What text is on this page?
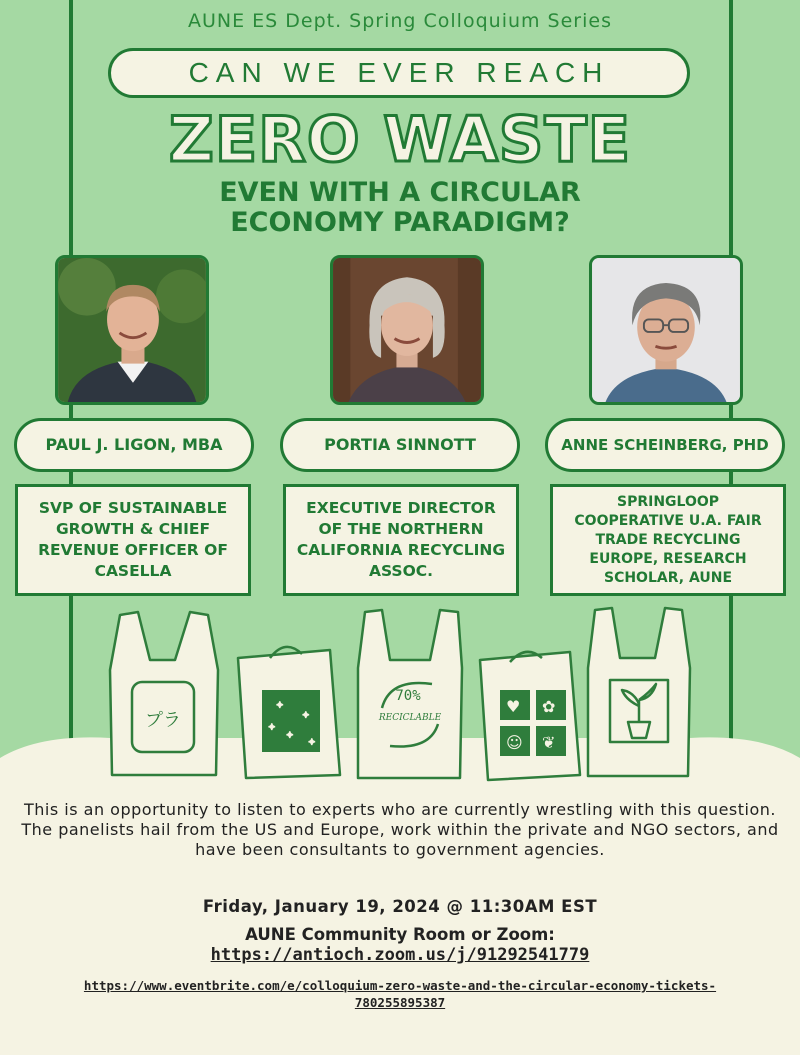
AUNE ES Dept. Spring Colloquium Series
CAN WE EVER REACH
ZERO WASTE
EVEN WITH A CIRCULAR
ECONOMY PARADIGM?
PAUL J. LIGON, MBA	PORTIA SINNOTT	ANNE SCHEINBERG, PHD
SVP OF SUSTAINABLE GROWTH & CHIEF REVENUE OFFICER OF CASELLA
EXECUTIVE DIRECTOR OF THE NORTHERN CALIFORNIA RECYCLING ASSOC.
SPRINGLOOP COOPERATIVE U.A. FAIR TRADE RECYCLING EUROPE, RESEARCH SCHOLAR, AUNE
✦
✦
✦
✦
✦
♥ ✿
☺ ❦
プラ
70%
RECICLABLE
This is an opportunity to listen to experts who are currently wrestling with this question. The panelists hail from the US and Europe, work within the private and NGO sectors, and have been consultants to government agencies.
Friday, January 19, 2024 @ 11:30AM EST
AUNE Community Room or Zoom:
https://antioch.zoom.us/j/91292541779
https://www.eventbrite.com/e/colloquium-zero-waste-and-the-circular-economy-tickets-780255895387
